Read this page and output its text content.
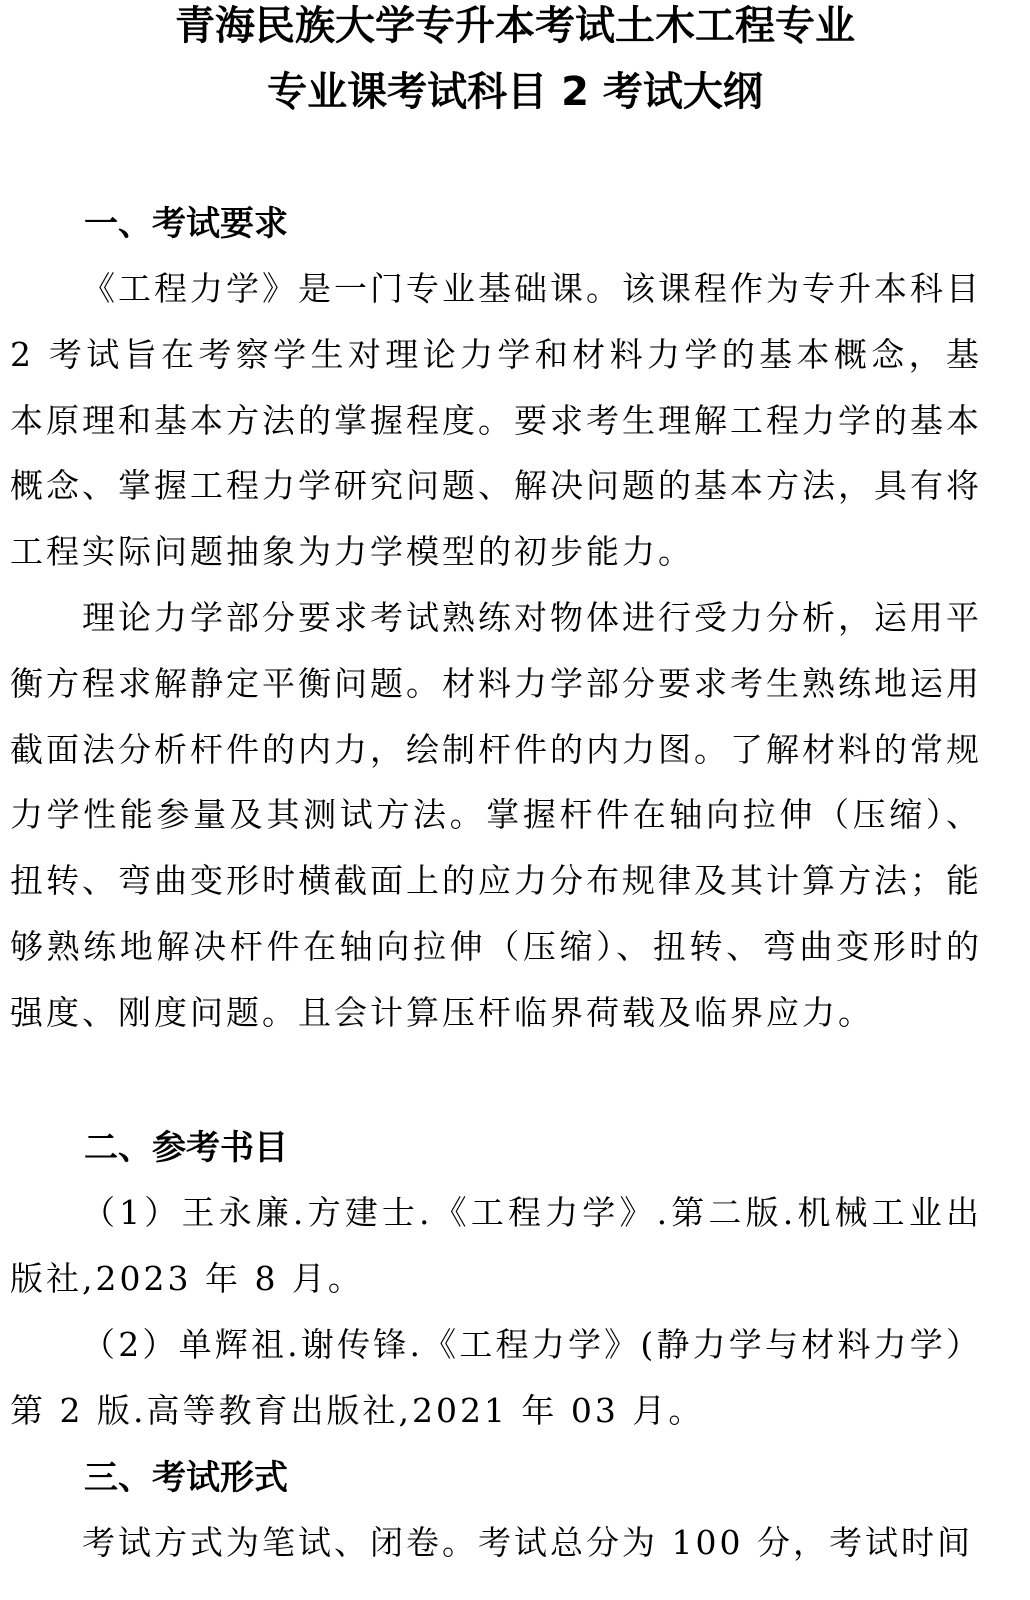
青海民族大学专升本考试土木工程专业
专业课考试科目 2 考试大纲
一、考试要求

《工程力学》是一门专业基础课。该课程作为专升本科目 2 考试旨在考察学生对理论力学和材料力学的基本概念，基本原理和基本方法的掌握程度。要求考生理解工程力学的基本概念、掌握工程力学研究问题、解决问题的基本方法，具有将工程实际问题抽象为力学模型的初步能力。

理论力学部分要求考试熟练对物体进行受力分析，运用平衡方程求解静定平衡问题。材料力学部分要求考生熟练地运用截面法分析杆件的内力，绘制杆件的内力图。了解材料的常规力学性能参量及其测试方法。掌握杆件在轴向拉伸（压缩）、扭转、弯曲变形时横截面上的应力分布规律及其计算方法；能够熟练地解决杆件在轴向拉伸（压缩）、扭转、弯曲变形时的强度、刚度问题。且会计算压杆临界荷载及临界应力。

二、参考书目

（1）王永廉.方建士.《工程力学》.第二版.机械工业出版社,2023 年 8 月。

（2）单辉祖.谢传锋.《工程力学》(静力学与材料力学）第 2 版.高等教育出版社,2021 年 03 月。

三、考试形式

考试方式为笔试、闭卷。考试总分为 100 分，考试时间
